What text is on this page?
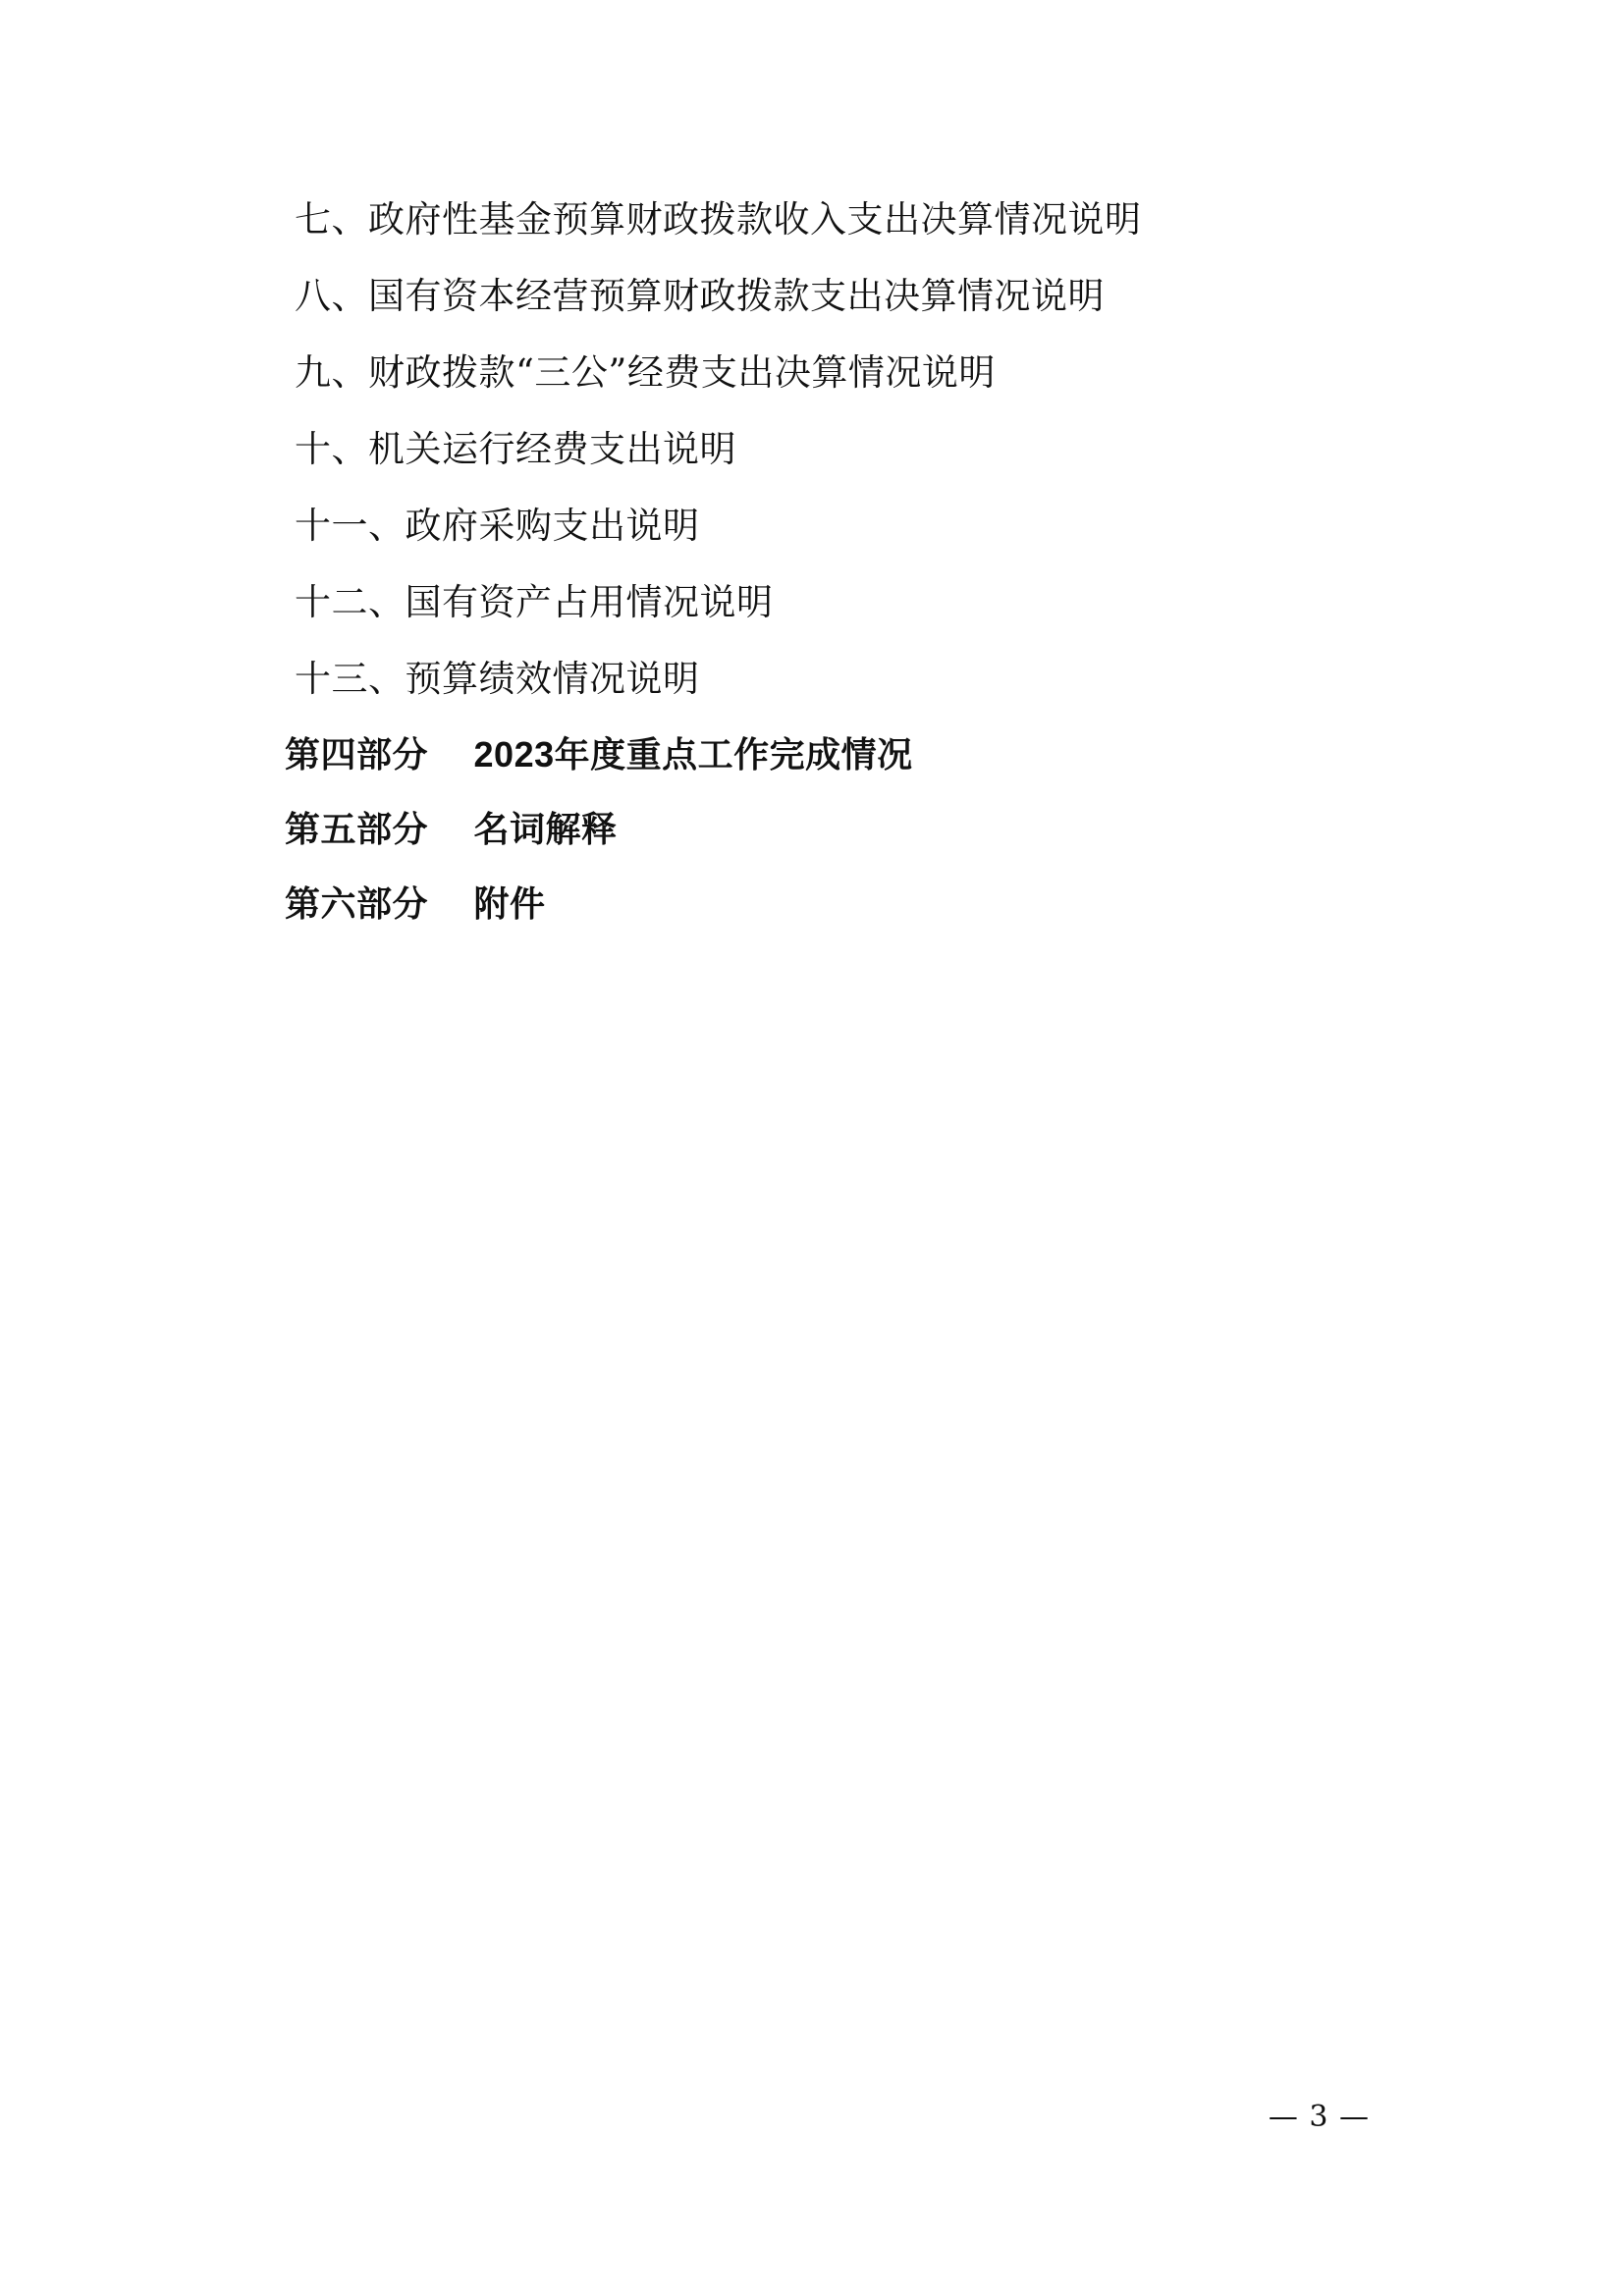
七、政府性基金预算财政拨款收入支出决算情况说明
八、国有资本经营预算财政拨款支出决算情况说明
九、财政拨款“三公”经费支出决算情况说明
十、机关运行经费支出说明
十一、政府采购支出说明
十二、国有资产占用情况说明
十三、预算绩效情况说明
第四部分 2023年度重点工作完成情况
第五部分 名词解释
第六部分 附件
— 3 —
